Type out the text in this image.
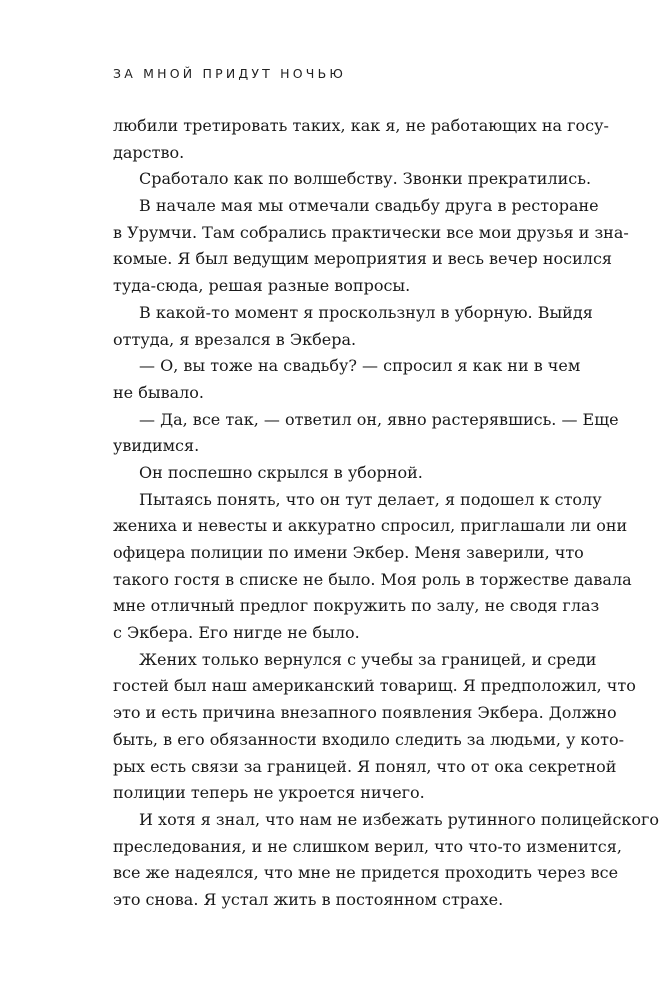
ЗА МНОЙ ПРИДУТ НОЧЬЮ
любили третировать таких, как я, не работающих на госу-
дарство.
Сработало как по волшебству. Звонки прекратились.
В начале мая мы отмечали свадьбу друга в ресторане
в Урумчи. Там собрались практически все мои друзья и зна-
комые. Я был ведущим мероприятия и весь вечер носился
туда-сюда, решая разные вопросы.
В какой-то момент я проскользнул в уборную. Выйдя
оттуда, я врезался в Экбера.
— О, вы тоже на свадьбу? — спросил я как ни в чем
не бывало.
— Да, все так, — ответил он, явно растерявшись. — Еще
увидимся.
Он поспешно скрылся в уборной.
Пытаясь понять, что он тут делает, я подошел к столу
жениха и невесты и аккуратно спросил, приглашали ли они
офицера полиции по имени Экбер. Меня заверили, что
такого гостя в списке не было. Моя роль в торжестве давала
мне отличный предлог покружить по залу, не сводя глаз
с Экбера. Его нигде не было.
Жених только вернулся с учебы за границей, и среди
гостей был наш американский товарищ. Я предположил, что
это и есть причина внезапного появления Экбера. Должно
быть, в его обязанности входило следить за людьми, у кото-
рых есть связи за границей. Я понял, что от ока секретной
полиции теперь не укроется ничего.
И хотя я знал, что нам не избежать рутинного полицейского
преследования, и не слишком верил, что что-то изменится,
все же надеялся, что мне не придется проходить через все
это снова. Я устал жить в постоянном страхе.
